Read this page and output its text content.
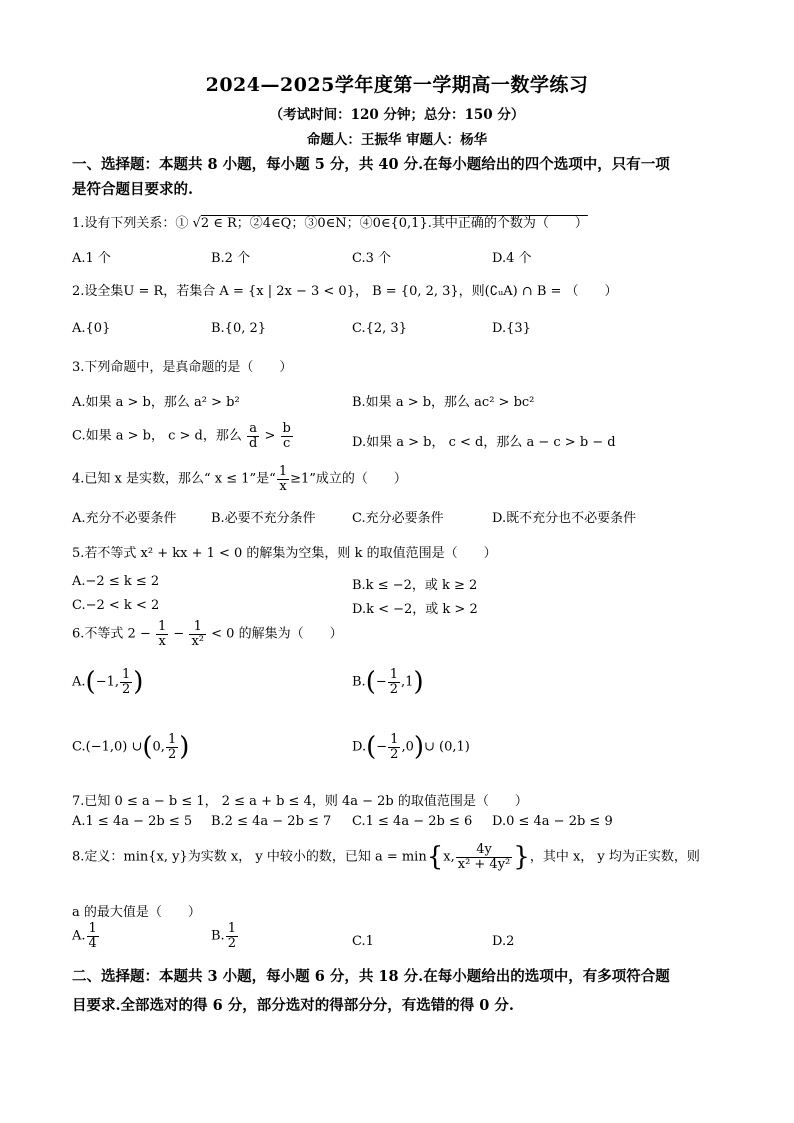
2024—2025学年度第一学期高一数学练习
（考试时间：120 分钟；总分：150 分）
命题人：王振华 审题人：杨华
一、选择题：本题共 8 小题，每小题 5 分，共 40 分.在每小题给出的四个选项中，只有一项
是符合题目要求的.
1.设有下列关系：① √2 ∈ R；②4∈Q；③0∈N；④0∈{0,1}.其中正确的个数为（　　）
A.1 个	B.2 个	C.3 个	D.4 个
2.设全集U = R，若集合 A = {x | 2x − 3 < 0}， B = {0, 2, 3}，则(∁ᵤA) ∩ B = （　　）
A.{0}	B.{0, 2}	C.{2, 3}	D.{3}
3.下列命题中，是真命题的是（　　）
A.如果 a > b，那么 a² > b²	B.如果 a > b，那么 ac² > bc²
C.如果 a > b， c > d，那么 $\frac{a}{d} > \frac{b}{c}$	D.如果 a > b， c < d，那么 a − c > b − d
4.已知 x 是实数，那么“ x ≤ 1”是“ $\frac{1}{x} \ge 1$”成立的（　　）
A.充分不必要条件	B.必要不充分条件	C.充分必要条件	D.既不充分也不必要条件
5.若不等式 x² + kx + 1 < 0 的解集为空集，则 k 的取值范围是（　　）
A.−2 ≤ k ≤ 2	B.k ≤ −2，或 k ≥ 2
C.−2 < k < 2	D.k < −2，或 k > 2
6.不等式 $2 - \frac{1}{x} - \frac{1}{\text{x²}} < 0$ 的解集为（　　）
A.(−1, $\frac{1}{2}$ )	$B.(- \frac{1}{2} ,1)$
C.(−1,0) ∪(0, $\frac{1}{2}$ )	$D.(- \frac{1}{2}$ ,0)∪ (0,1)
7.已知 0 ≤ a − b ≤ 1， 2 ≤ a + b ≤ 4，则 4a − 2b 的取值范围是（　　）
A.1 ≤ 4a − 2b ≤ 5 B.2 ≤ 4a − 2b ≤ 7 C.1 ≤ 4a − 2b ≤ 6 D.0 ≤ 4a − 2b ≤ 9
8.定义：min{x, y}为实数 x， y 中较小的数，已知 a = min{x, $\frac{4y}{\text{x² + 4y²}}$ }，其中 x， y 均为正实数，则
a 的最大值是（　　）
A. $\frac{1}{4}$	B. $\frac{1}{2}$	C.1	D.2
二、选择题：本题共 3 小题，每小题 6 分，共 18 分.在每小题给出的选项中，有多项符合题
目要求.全部选对的得 6 分，部分选对的得部分分，有选错的得 0 分.
